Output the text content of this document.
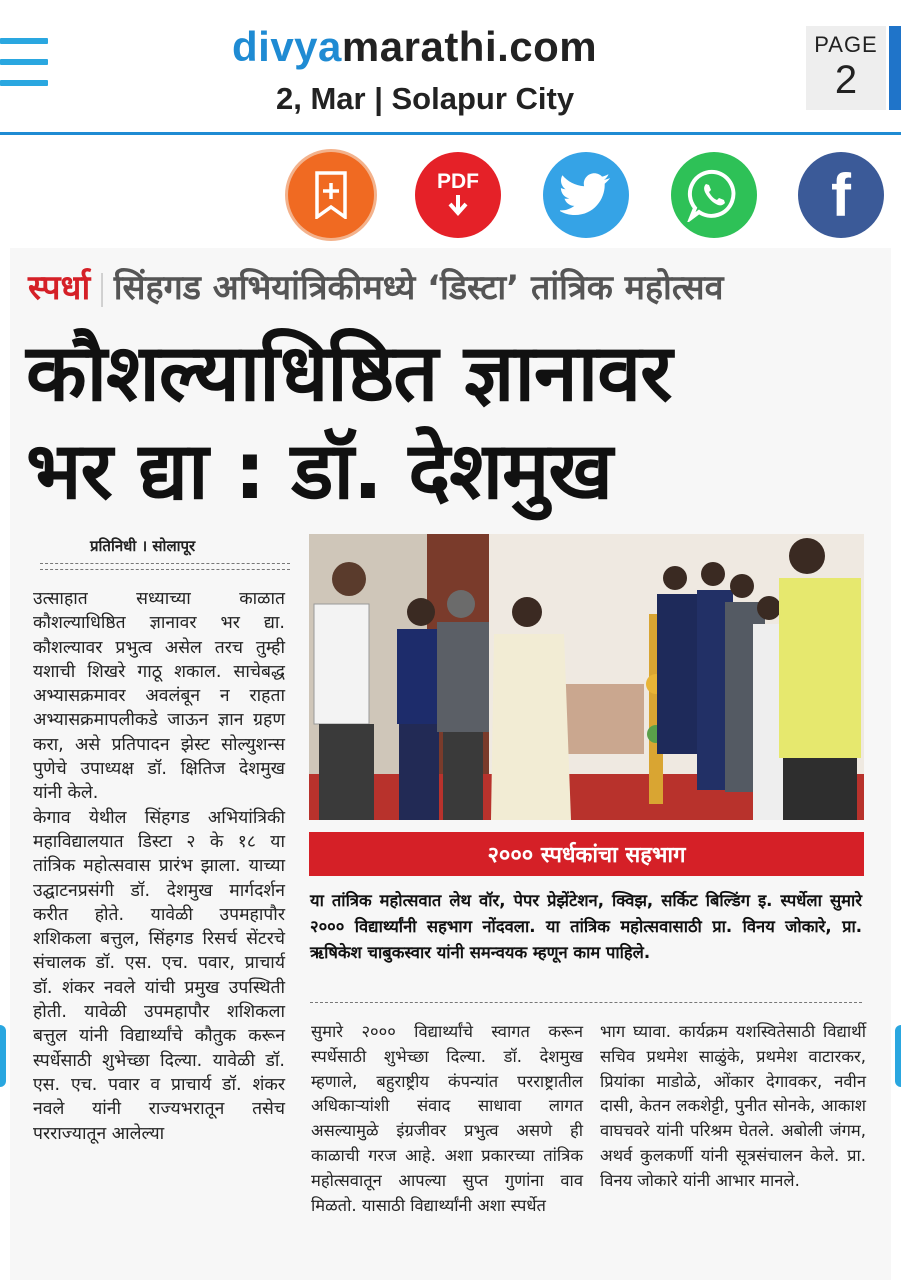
divyamarathi.com
2, Mar | Solapur City
PAGE
2
PDF	f
स्पर्धा | सिंहगड अभियांत्रिकीमध्ये ‘डिस्टा’ तांत्रिक महोत्सव
कौशल्याधिष्ठित ज्ञानावर
भर द्या : डॉ. देशमुख
प्रतिनिधी । सोलापूर

उत्साहात सध्याच्या काळात कौशल्याधिष्ठित ज्ञानावर भर द्या. कौशल्यावर प्रभुत्व असेल तरच तुम्ही यशाची शिखरे गाठू शकाल. साचेबद्ध अभ्यासक्रमावर अवलंबून न राहता अभ्यासक्रमापलीकडे जाऊन ज्ञान ग्रहण करा, असे प्रतिपादन झेस्ट सोल्युशन्स पुणेचे उपाध्यक्ष डॉ. क्षितिज देशमुख यांनी केले.

केगाव येथील सिंहगड अभियांत्रिकी महाविद्यालयात डिस्टा २ के १८ या तांत्रिक महोत्सवास प्रारंभ झाला. याच्या उद्घाटनप्रसंगी डॉ. देशमुख मार्गदर्शन करीत होते. यावेळी उपमहापौर शशिकला बत्तुल, सिंहगड रिसर्च सेंटरचे संचालक डॉ. एस. एच. पवार, प्राचार्य डॉ. शंकर नवले यांची प्रमुख उपस्थिती होती. यावेळी उपमहापौर शशिकला बत्तुल यांनी विद्यार्थ्यांचे कौतुक करून स्पर्धेसाठी शुभेच्छा दिल्या. यावेळी डॉ. एस. एच. पवार व प्राचार्य डॉ. शंकर नवले यांनी राज्यभरातून तसेच परराज्यातून आलेल्या

२००० स्पर्धकांचा सहभाग
या तांत्रिक महोत्सवात लेथ वॉर, पेपर प्रेझेंटेशन, क्विझ, सर्किट बिल्डिंग इ. स्पर्धेला सुमारे २००० विद्यार्थ्यांनी सहभाग नोंदवला. या तांत्रिक महोत्सवासाठी प्रा. विनय जोकारे, प्रा. ऋषिकेश चाबुकस्वार यांनी समन्वयक म्हणून काम पाहिले.
सुमारे २००० विद्यार्थ्यांचे स्वागत करून स्पर्धेसाठी शुभेच्छा दिल्या. डॉ. देशमुख म्हणाले, बहुराष्ट्रीय कंपन्यांत परराष्ट्रातील अधिकाऱ्यांशी संवाद साधावा लागत असल्यामुळे इंग्रजीवर प्रभुत्व असणे ही काळाची गरज आहे. अशा प्रकारच्या तांत्रिक महोत्सवातून आपल्या सुप्त गुणांना वाव मिळतो. यासाठी विद्यार्थ्यांनी अशा स्पर्धेत
भाग घ्यावा. कार्यक्रम यशस्वितेसाठी विद्यार्थी सचिव प्रथमेश साळुंके, प्रथमेश वाटारकर, प्रियांका माडोळे, ओंकार देगावकर, नवीन दासी, केतन लकशेट्टी, पुनीत सोनके, आकाश वाघचवरे यांनी परिश्रम घेतले. अबोली जंगम, अथर्व कुलकर्णी यांनी सूत्रसंचालन केले. प्रा. विनय जोकारे यांनी आभार मानले.
